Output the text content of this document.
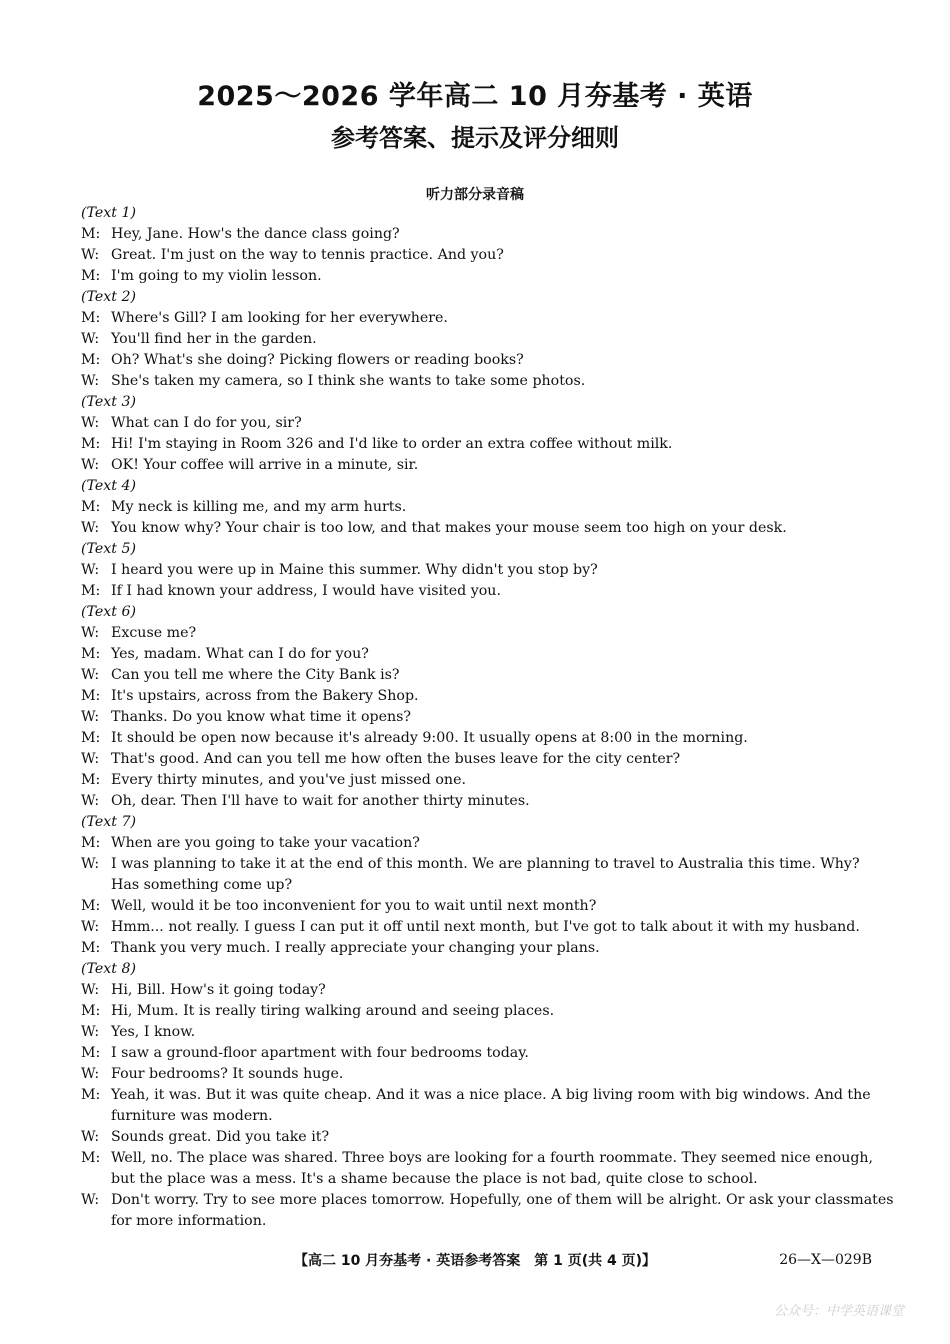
2025～2026 学年高二 10 月夯基考 · 英语
参考答案、提示及评分细则
听力部分录音稿
(Text 1)
M: Hey, Jane. How's the dance class going?
W: Great. I'm just on the way to tennis practice. And you?
M: I'm going to my violin lesson.
(Text 2)
M: Where's Gill? I am looking for her everywhere.
W: You'll find her in the garden.
M: Oh? What's she doing? Picking flowers or reading books?
W: She's taken my camera, so I think she wants to take some photos.
(Text 3)
W: What can I do for you, sir?
M: Hi! I'm staying in Room 326 and I'd like to order an extra coffee without milk.
W: OK! Your coffee will arrive in a minute, sir.
(Text 4)
M: My neck is killing me, and my arm hurts.
W: You know why? Your chair is too low, and that makes your mouse seem too high on your desk.
(Text 5)
W: I heard you were up in Maine this summer. Why didn't you stop by?
M: If I had known your address, I would have visited you.
(Text 6)
W: Excuse me?
M: Yes, madam. What can I do for you?
W: Can you tell me where the City Bank is?
M: It's upstairs, across from the Bakery Shop.
W: Thanks. Do you know what time it opens?
M: It should be open now because it's already 9:00. It usually opens at 8:00 in the morning.
W: That's good. And can you tell me how often the buses leave for the city center?
M: Every thirty minutes, and you've just missed one.
W: Oh, dear. Then I'll have to wait for another thirty minutes.
(Text 7)
M: When are you going to take your vacation?
W: I was planning to take it at the end of this month. We are planning to travel to Australia this time. Why?
Has something come up?
M: Well, would it be too inconvenient for you to wait until next month?
W: Hmm... not really. I guess I can put it off until next month, but I've got to talk about it with my husband.
M: Thank you very much. I really appreciate your changing your plans.
(Text 8)
W: Hi, Bill. How's it going today?
M: Hi, Mum. It is really tiring walking around and seeing places.
W: Yes, I know.
M: I saw a ground-floor apartment with four bedrooms today.
W: Four bedrooms? It sounds huge.
M: Yeah, it was. But it was quite cheap. And it was a nice place. A big living room with big windows. And the
furniture was modern.
W: Sounds great. Did you take it?
M: Well, no. The place was shared. Three boys are looking for a fourth roommate. They seemed nice enough,
but the place was a mess. It's a shame because the place is not bad, quite close to school.
W: Don't worry. Try to see more places tomorrow. Hopefully, one of them will be alright. Or ask your classmates
for more information.
【高二 10 月夯基考 · 英语参考答案　第 1 页(共 4 页)】	26—X—029B
公众号：中学英语课堂
